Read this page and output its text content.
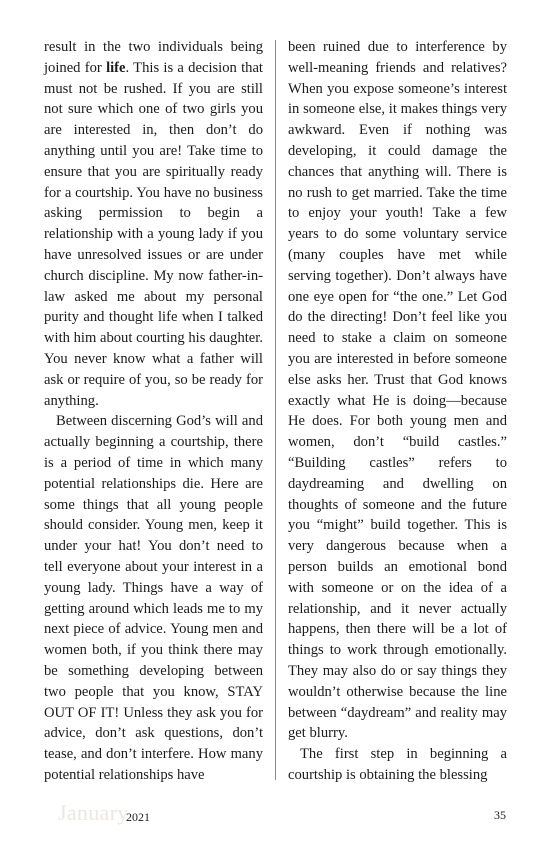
result in the two individuals being joined for life. This is a decision that must not be rushed. If you are still not sure which one of two girls you are interested in, then don’t do anything until you are! Take time to ensure that you are spiritually ready for a courtship. You have no business asking permission to begin a relationship with a young lady if you have unresolved issues or are under church discipline. My now father-in-law asked me about my personal purity and thought life when I talked with him about courting his daughter. You never know what a father will ask or require of you, so be ready for anything.

Between discerning God’s will and actually beginning a courtship, there is a period of time in which many potential relationships die. Here are some things that all young people should consider. Young men, keep it under your hat! You don’t need to tell everyone about your interest in a young lady. Things have a way of getting around which leads me to my next piece of advice. Young men and women both, if you think there may be something developing between two people that you know, STAY OUT OF IT! Unless they ask you for advice, don’t ask questions, don’t tease, and don’t interfere. How many potential relationships have

been ruined due to interference by well-meaning friends and relatives? When you expose someone’s interest in someone else, it makes things very awkward. Even if nothing was developing, it could damage the chances that anything will. There is no rush to get married. Take the time to enjoy your youth! Take a few years to do some voluntary service (many couples have met while serving together). Don’t always have one eye open for “the one.” Let God do the directing! Don’t feel like you need to stake a claim on someone you are interested in before someone else asks her. Trust that God knows exactly what He is doing—because He does. For both young men and women, don’t “build castles.” “Building castles” refers to daydreaming and dwelling on thoughts of someone and the future you “might” build together. This is very dangerous because when a person builds an emotional bond with someone or on the idea of a relationship, and it never actually happens, then there will be a lot of things to work through emotionally. They may also do or say things they wouldn’t otherwise because the line between “daydream” and reality may get blurry.

The first step in beginning a courtship is obtaining the blessing

January
2021	35
